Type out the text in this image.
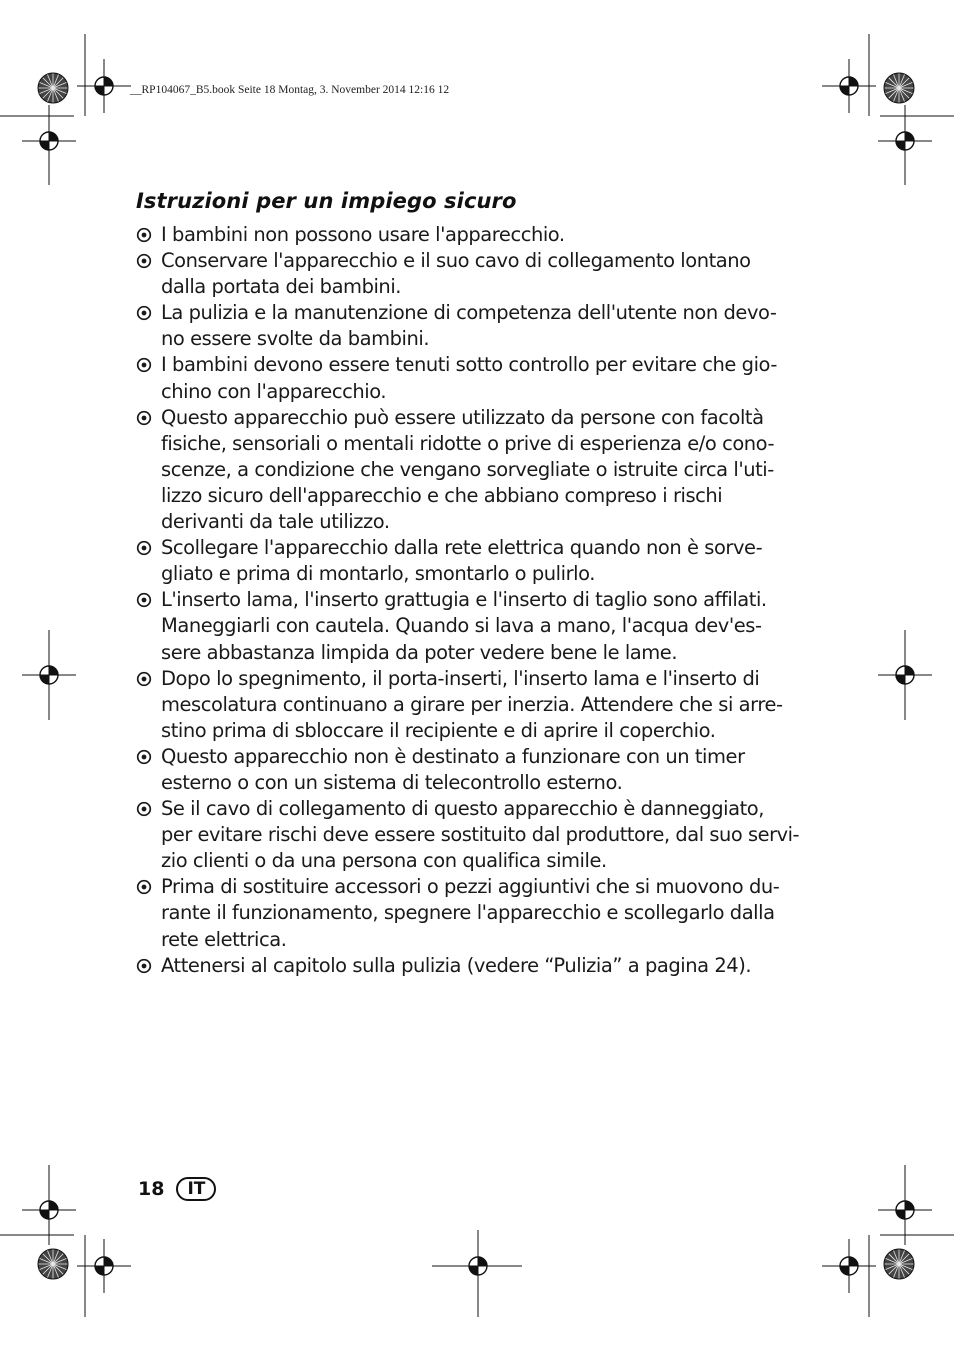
__RP104067_B5.book Seite 18 Montag, 3. November 2014 12:16 12
Istruzioni per un impiego sicuro
I bambini non possono usare l'apparecchio.
Conservare l'apparecchio e il suo cavo di collegamento lontano
dalla portata dei bambini.
La pulizia e la manutenzione di competenza dell'utente non devo-
no essere svolte da bambini.
I bambini devono essere tenuti sotto controllo per evitare che gio-
chino con l'apparecchio.
Questo apparecchio può essere utilizzato da persone con facoltà
fisiche, sensoriali o mentali ridotte o prive di esperienza e/o cono-
scenze, a condizione che vengano sorvegliate o istruite circa l'uti-
lizzo sicuro dell'apparecchio e che abbiano compreso i rischi
derivanti da tale utilizzo.
Scollegare l'apparecchio dalla rete elettrica quando non è sorve-
gliato e prima di montarlo, smontarlo o pulirlo.
L'inserto lama, l'inserto grattugia e l'inserto di taglio sono affilati.
Maneggiarli con cautela. Quando si lava a mano, l'acqua dev'es-
sere abbastanza limpida da poter vedere bene le lame.
Dopo lo spegnimento, il porta-inserti, l'inserto lama e l'inserto di
mescolatura continuano a girare per inerzia. Attendere che si arre-
stino prima di sbloccare il recipiente e di aprire il coperchio.
Questo apparecchio non è destinato a funzionare con un timer
esterno o con un sistema di telecontrollo esterno.
Se il cavo di collegamento di questo apparecchio è danneggiato,
per evitare rischi deve essere sostituito dal produttore, dal suo servi-
zio clienti o da una persona con qualifica simile.
Prima di sostituire accessori o pezzi aggiuntivi che si muovono du-
rante il funzionamento, spegnere l'apparecchio e scollegarlo dalla
rete elettrica.
Attenersi al capitolo sulla pulizia (vedere “Pulizia” a pagina 24).
18	IT
